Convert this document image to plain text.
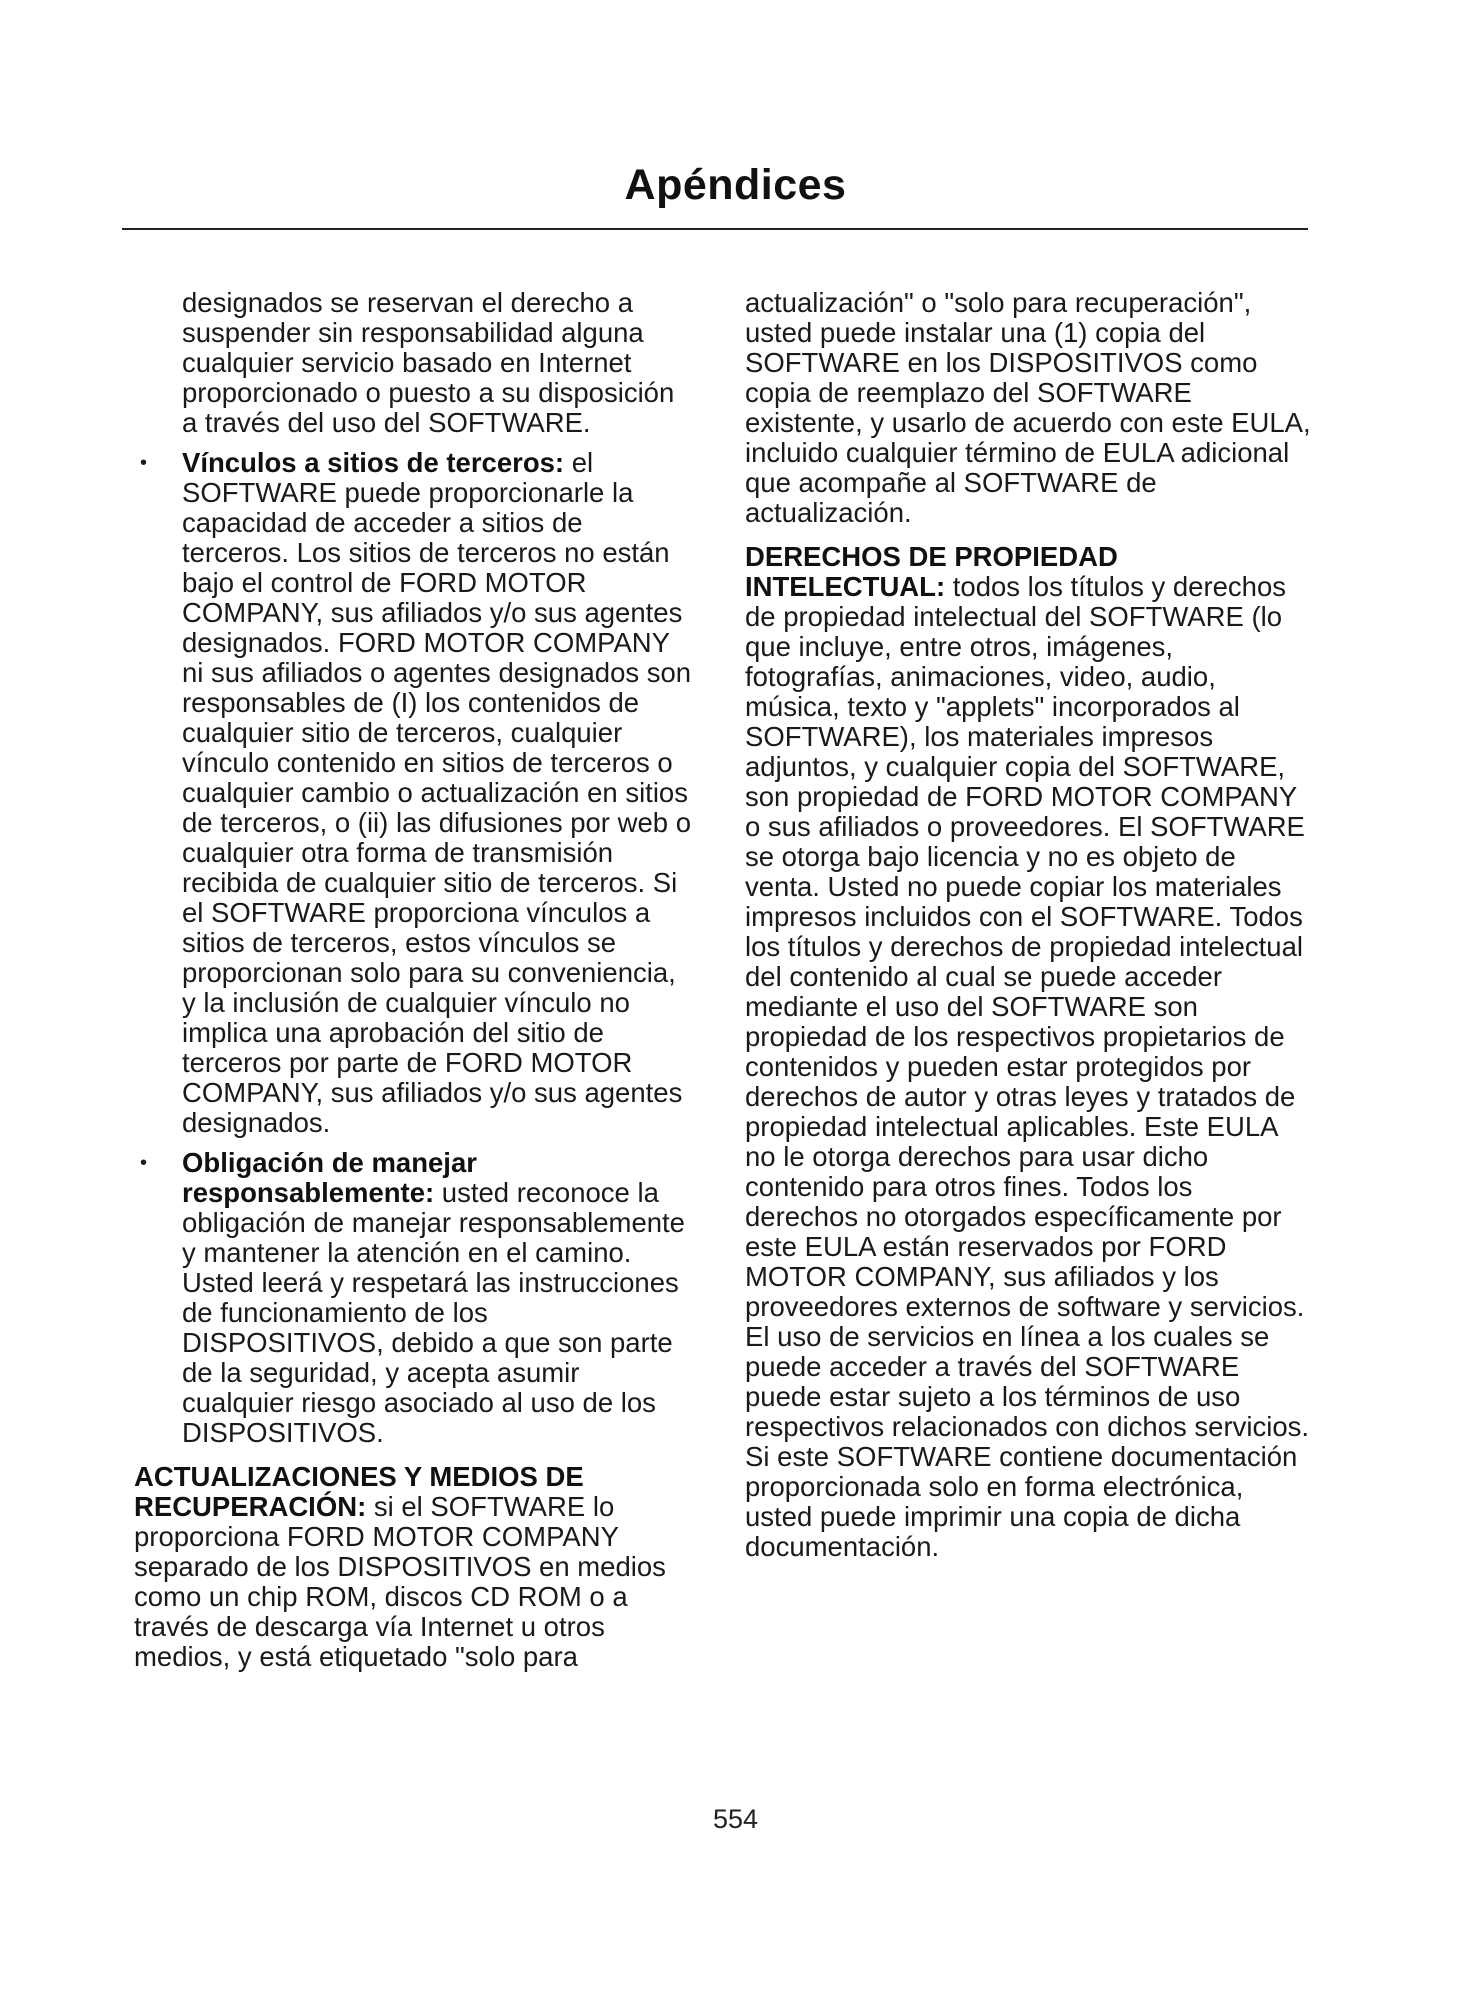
Apéndices

designados se reservan el derecho a suspender sin responsabilidad alguna cualquier servicio basado en Internet proporcionado o puesto a su disposición a través del uso del SOFTWARE.

•	Vínculos a sitios de terceros: el SOFTWARE puede proporcionarle la capacidad de acceder a sitios de terceros. Los sitios de terceros no están bajo el control de FORD MOTOR COMPANY, sus afiliados y/o sus agentes designados. FORD MOTOR COMPANY ni sus afiliados o agentes designados son responsables de (I) los contenidos de cualquier sitio de terceros, cualquier vínculo contenido en sitios de terceros o cualquier cambio o actualización en sitios de terceros, o (ii) las difusiones por web o cualquier otra forma de transmisión recibida de cualquier sitio de terceros. Si el SOFTWARE proporciona vínculos a sitios de terceros, estos vínculos se proporcionan solo para su conveniencia, y la inclusión de cualquier vínculo no implica una aprobación del sitio de terceros por parte de FORD MOTOR COMPANY, sus afiliados y/o sus agentes designados.

•	Obligación de manejar responsablemente: usted reconoce la obligación de manejar responsablemente y mantener la atención en el camino. Usted leerá y respetará las instrucciones de funcionamiento de los DISPOSITIVOS, debido a que son parte de la seguridad, y acepta asumir cualquier riesgo asociado al uso de los DISPOSITIVOS.

ACTUALIZACIONES Y MEDIOS DE RECUPERACIÓN: si el SOFTWARE lo proporciona FORD MOTOR COMPANY separado de los DISPOSITIVOS en medios como un chip ROM, discos CD ROM o a través de descarga vía Internet u otros medios, y está etiquetado "solo para

actualización" o "solo para recuperación", usted puede instalar una (1) copia del SOFTWARE en los DISPOSITIVOS como copia de reemplazo del SOFTWARE existente, y usarlo de acuerdo con este EULA, incluido cualquier término de EULA adicional que acompañe al SOFTWARE de actualización.

DERECHOS DE PROPIEDAD INTELECTUAL: todos los títulos y derechos de propiedad intelectual del SOFTWARE (lo que incluye, entre otros, imágenes, fotografías, animaciones, video, audio, música, texto y "applets" incorporados al SOFTWARE), los materiales impresos adjuntos, y cualquier copia del SOFTWARE, son propiedad de FORD MOTOR COMPANY o sus afiliados o proveedores. El SOFTWARE se otorga bajo licencia y no es objeto de venta. Usted no puede copiar los materiales impresos incluidos con el SOFTWARE. Todos los títulos y derechos de propiedad intelectual del contenido al cual se puede acceder mediante el uso del SOFTWARE son propiedad de los respectivos propietarios de contenidos y pueden estar protegidos por derechos de autor y otras leyes y tratados de propiedad intelectual aplicables. Este EULA no le otorga derechos para usar dicho contenido para otros fines. Todos los derechos no otorgados específicamente por este EULA están reservados por FORD MOTOR COMPANY, sus afiliados y los proveedores externos de software y servicios. El uso de servicios en línea a los cuales se puede acceder a través del SOFTWARE puede estar sujeto a los términos de uso respectivos relacionados con dichos servicios. Si este SOFTWARE contiene documentación proporcionada solo en forma electrónica, usted puede imprimir una copia de dicha documentación.

554
